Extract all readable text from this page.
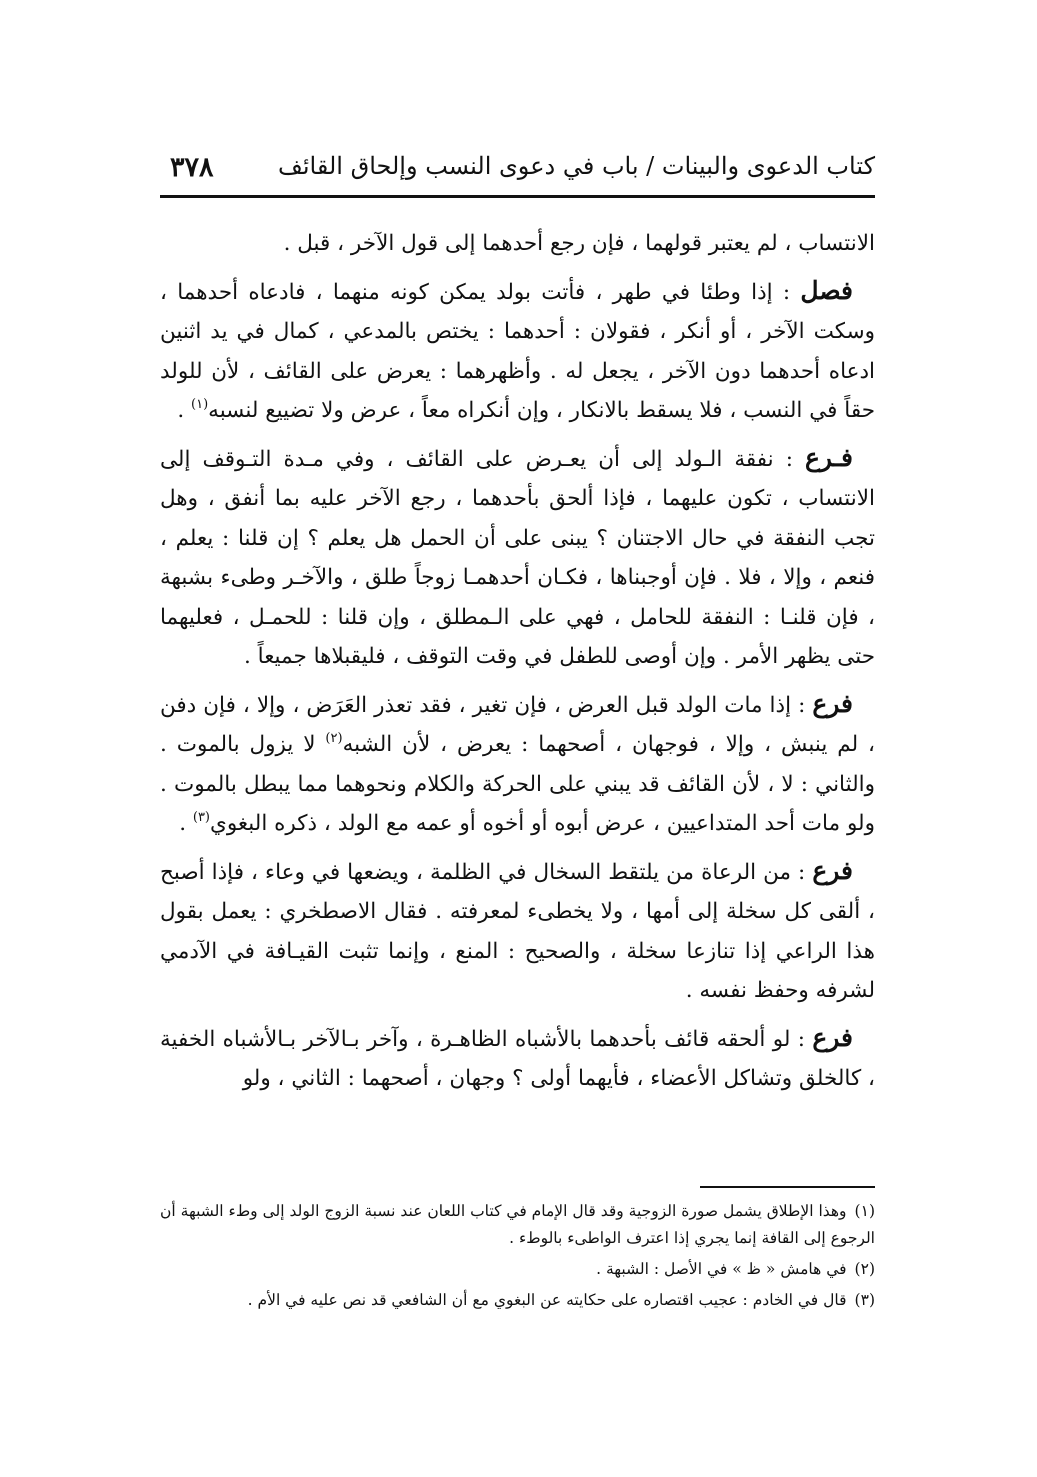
كتاب الدعوى والبينات / باب في دعوى النسب وإلحاق القائف
٣٧٨

الانتساب ، لم يعتبر قولهما ، فإن رجع أحدهما إلى قول الآخر ، قبل .

فصل : إذا وطئا في طهر ، فأتت بولد يمكن كونه منهما ، فادعاه أحدهما ، وسكت الآخر ، أو أنكر ، فقولان : أحدهما : يختص بالمدعي ، كمال في يد اثنين ادعاه أحدهما دون الآخر ، يجعل له . وأظهرهما : يعرض على القائف ، لأن للولد حقاً في النسب ، فلا يسقط بالانكار ، وإن أنكراه معاً ، عرض ولا تضييع لنسبه$^{(١)}$ .

فـرع : نفقة الـولد إلى أن يعـرض على القائف ، وفي مـدة التـوقف إلى الانتساب ، تكون عليهما ، فإذا ألحق بأحدهما ، رجع الآخر عليه بما أنفق ، وهل تجب النفقة في حال الاجتنان ؟ يبنى على أن الحمل هل يعلم ؟ إن قلنا : يعلم ، فنعم ، وإلا ، فلا . فإن أوجبناها ، فكـان أحدهمـا زوجاً طلق ، والآخـر وطىء بشبهة ، فإن قلنـا : النفقة للحامل ، فهي على الـمطلق ، وإن قلنا : للحمـل ، فعليهما حتى يظهر الأمر . وإن أوصى للطفل في وقت التوقف ، فليقبلاها جميعاً .

فرع : إذا مات الولد قبل العرض ، فإن تغير ، فقد تعذر العَرَض ، وإلا ، فإن دفن ، لم ينبش ، وإلا ، فوجهان ، أصحهما : يعرض ، لأن الشبه$^{(٢)}$ لا يزول بالموت . والثاني : لا ، لأن القائف قد يبني على الحركة والكلام ونحوهما مما يبطل بالموت . ولو مات أحد المتداعيين ، عرض أبوه أو أخوه أو عمه مع الولد ، ذكره البغوي$^{(٣)}$ .

فرع : من الرعاة من يلتقط السخال في الظلمة ، ويضعها في وعاء ، فإذا أصبح ، ألقى كل سخلة إلى أمها ، ولا يخطىء لمعرفته . فقال الاصطخري : يعمل بقول هذا الراعي إذا تنازعا سخلة ، والصحيح : المنع ، وإنما تثبت القيـافة في الآدمي لشرفه وحفظ نفسه .

فرع : لو ألحقه قائف بأحدهما بالأشباه الظاهـرة ، وآخر بـالآخر بـالأشباه الخفية ، كالخلق وتشاكل الأعضاء ، فأيهما أولى ؟ وجهان ، أصحهما : الثاني ، ولو

(١)وهذا الإطلاق يشمل صورة الزوجية وقد قال الإمام في كتاب اللعان عند نسبة الزوج الولد إلى وطء الشبهة أن الرجوع إلى القافة إنما يجري إذا اعترف الواطىء بالوطء .

(٢)في هامش « ظ » في الأصل : الشبهة .

(٣)قال في الخادم : عجيب اقتصاره على حكايته عن البغوي مع أن الشافعي قد نص عليه في الأم .
